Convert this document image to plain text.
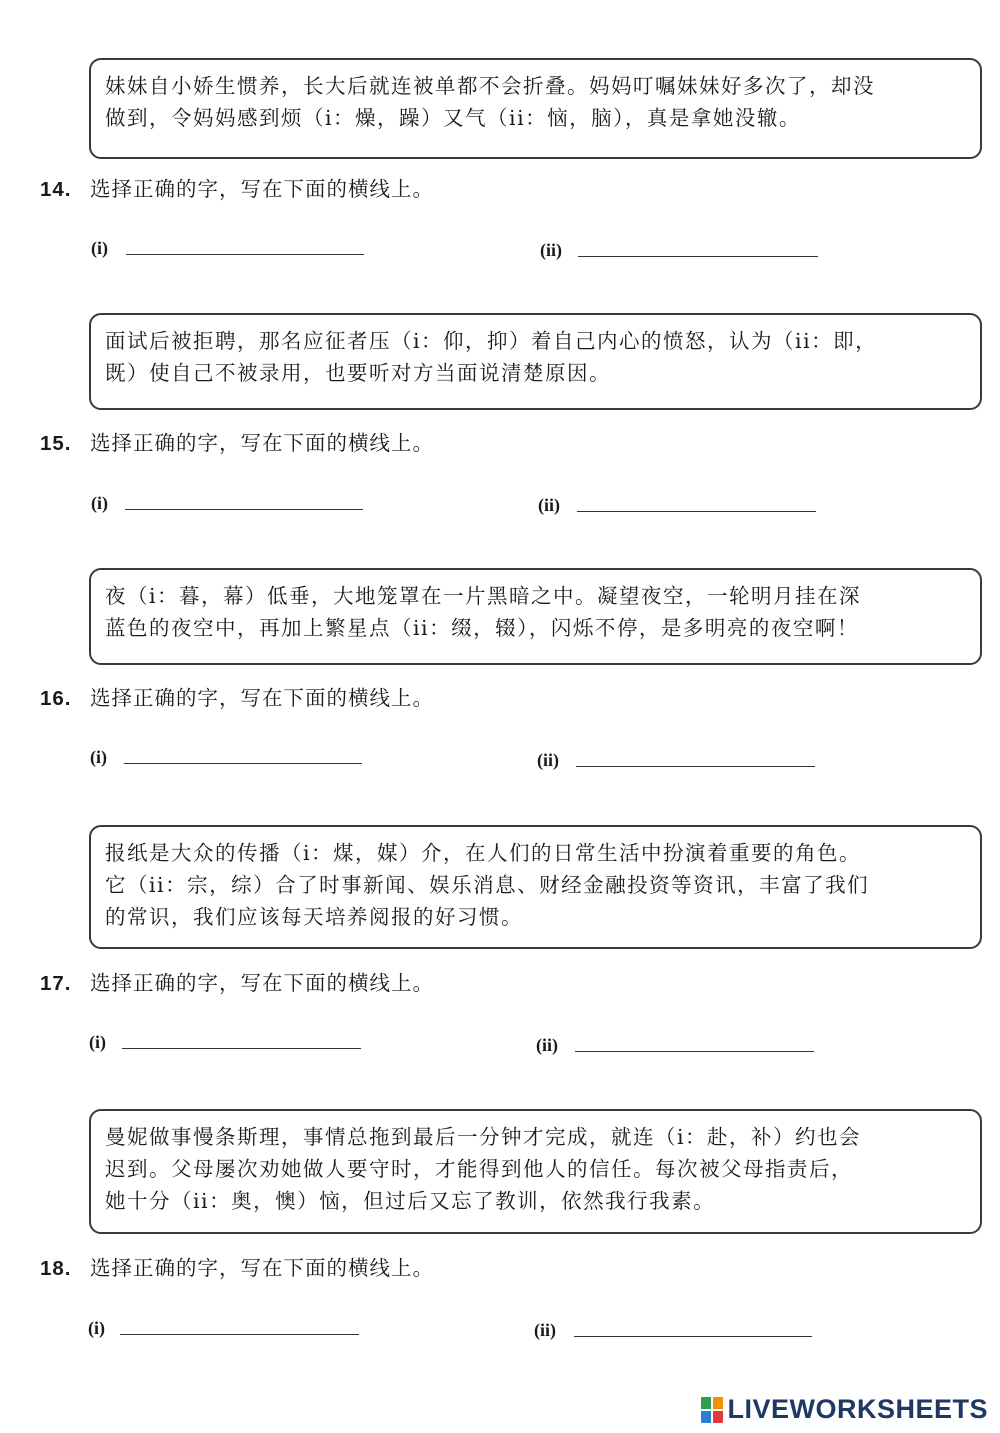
妹妹自小娇生惯养，长大后就连被单都不会折叠。妈妈叮嘱妹妹好多次了，却没

做到，令妈妈感到烦（i：燥，躁）又气（ii：恼，脑），真是拿她没辙。

14. 选择正确的字，写在下面的横线上。
(i)	(ii)

面试后被拒聘，那名应征者压（i：仰，抑）着自己内心的愤怒，认为（ii：即，

既）使自己不被录用，也要听对方当面说清楚原因。

15. 选择正确的字，写在下面的横线上。
(i)	(ii)

夜（i：暮，幕）低垂，大地笼罩在一片黑暗之中。凝望夜空，一轮明月挂在深

蓝色的夜空中，再加上繁星点（ii：缀，辍），闪烁不停，是多明亮的夜空啊！

16. 选择正确的字，写在下面的横线上。
(i)	(ii)

报纸是大众的传播（i：煤，媒）介，在人们的日常生活中扮演着重要的角色。

它（ii：宗，综）合了时事新闻、娱乐消息、财经金融投资等资讯，丰富了我们

的常识，我们应该每天培养阅报的好习惯。

17. 选择正确的字，写在下面的横线上。
(i)	(ii)

曼妮做事慢条斯理，事情总拖到最后一分钟才完成，就连（i：赴，补）约也会

迟到。父母屡次劝她做人要守时，才能得到他人的信任。每次被父母指责后，

她十分（ii：奥，懊）恼，但过后又忘了教训，依然我行我素。

18. 选择正确的字，写在下面的横线上。
(i)	(ii)
LIVEWORKSHEETS
